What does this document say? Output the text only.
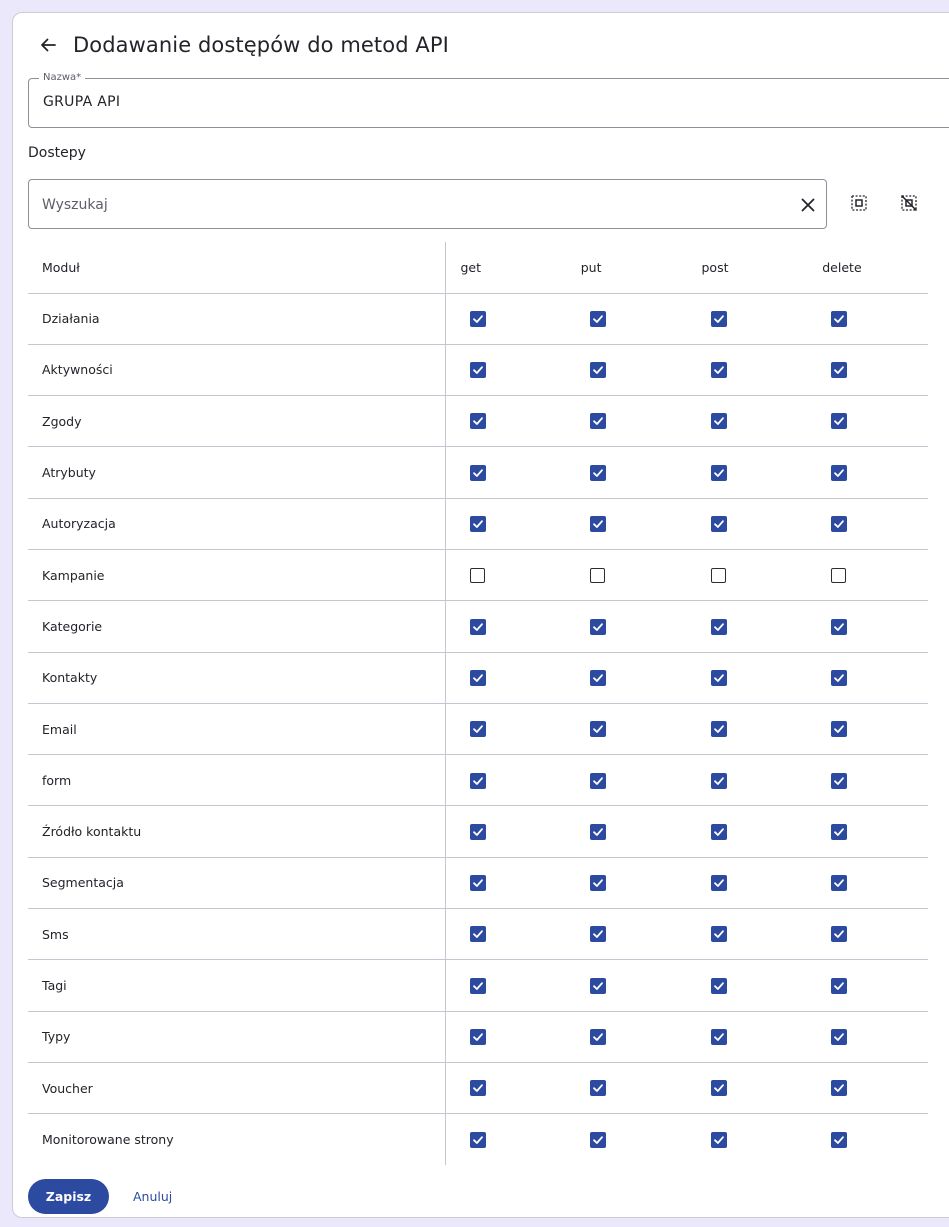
Dodawanie dostępów do metod API
Nazwa*
GRUPA API
Dostepy
Wyszukaj
Moduł	get	put	post	delete
Działania	

Aktywności	

Zgody	

Atrybuty	

Autoryzacja	

Kampanie				
Kategorie	

Kontakty	

Email	

form	

Źródło kontaktu	

Segmentacja	

Sms	

Tagi	

Typy	

Voucher	

Monitorowane strony	

Zapisz	Anuluj
